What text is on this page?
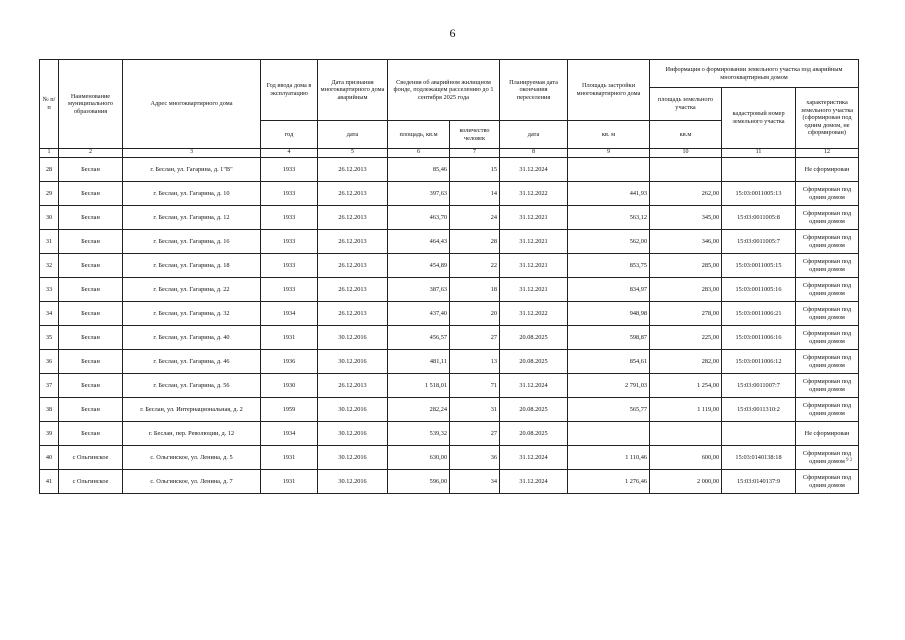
6
№ п/п	Наименование муниципального образования	Адрес многоквартирного дома	Год ввода дома в эксплуатацию	Дата признания многоквартирного дома аварийным	Сведения об аварийном жилищном фонде, подлежащем расселению до 1 сентября 2025 года		Планируемая дата окончания переселения	Площадь застройки многоквартирного дома	Информация о формировании земельного участка под аварийным многоквартирным домом		
									площадь земельного участка	кадастровый номер земельного участка	характеристика земельного участка (сформирован под одним домом, не сформирован)
			год	дата	площадь, кв.м	количество человек	дата	кв. м	кв.м		
1	2	3	4	5	6	7	8	9	10	11	12
28	Беслан	г. Беслан, ул. Гагарина, д. 1"В"	1933	26.12.2013	85,46	15	31.12.2024				Не сформирован
29	Беслан	г. Беслан, ул. Гагарина, д. 10	1933	26.12.2013	397,63	14	31.12.2022	441,93	262,00	15:03:0011005:13	Сформирован под одним домом
30	Беслан	г. Беслан, ул. Гагарина, д. 12	1933	26.12.2013	463,70	24	31.12.2021	563,12	345,00	15:03:0011005:8	Сформирован под одним домом
31	Беслан	г. Беслан, ул. Гагарина, д. 16	1933	26.12.2013	464,43	28	31.12.2021	562,00	346,00	15:03:0011005:7	Сформирован под одним домом
32	Беслан	г. Беслан, ул. Гагарина, д. 18	1933	26.12.2013	454,89	22	31.12.2021	853,75	285,00	15:03:0011005:15	Сформирован под одним домом
33	Беслан	г. Беслан, ул. Гагарина, д. 22	1933	26.12.2013	387,63	18	31.12.2021	834,97	283,00	15:03:0011005:16	Сформирован под одним домом
34	Беслан	г. Беслан, ул. Гагарина, д. 32	1934	26.12.2013	437,40	20	31.12.2022	948,98	278,00	15:03:0011006:21	Сформирован под одним домом
35	Беслан	г. Беслан, ул. Гагарина, д. 40	1931	30.12.2016	456,57	27	20.08.2025	598,87	225,00	15:03:0011006:16	Сформирован под одним домом
36	Беслан	г. Беслан, ул. Гагарина, д. 46	1936	30.12.2016	481,11	13	20.08.2025	854,61	282,00	15:03:0011006:12	Сформирован под одним домом
37	Беслан	г. Беслан, ул. Гагарина, д. 56	1930	26.12.2013	1 518,01	71	31.12.2024	2 791,03	1 254,00	15:03:0011007:7	Сформирован под одним домом
38	Беслан	г. Беслан, ул. Интернациональная, д. 2	1959	30.12.2016	282,24	31	20.08.2025	565,77	1 119,00	15:03:0011310:2	Сформирован под одним домом
39	Беслан	г. Беслан, пер. Революции, д. 12	1934	30.12.2016	539,32	27	20.08.2025				Не сформирован
40	с Ольгинское	с. Ольгинское, ул. Ленина, д. 5	1931	30.12.2016	630,00	36	31.12.2024	1 110,46	600,00	15:03:0140138:18	Сформирован под одним домом
41	с Ольгинское	с. Ольгинское, ул. Ленина, д. 7	1931	30.12.2016	596,00	34	31.12.2024	1 276,46	2 000,00	15:03:0140137:9	Сформирован под одним домом
9 2
